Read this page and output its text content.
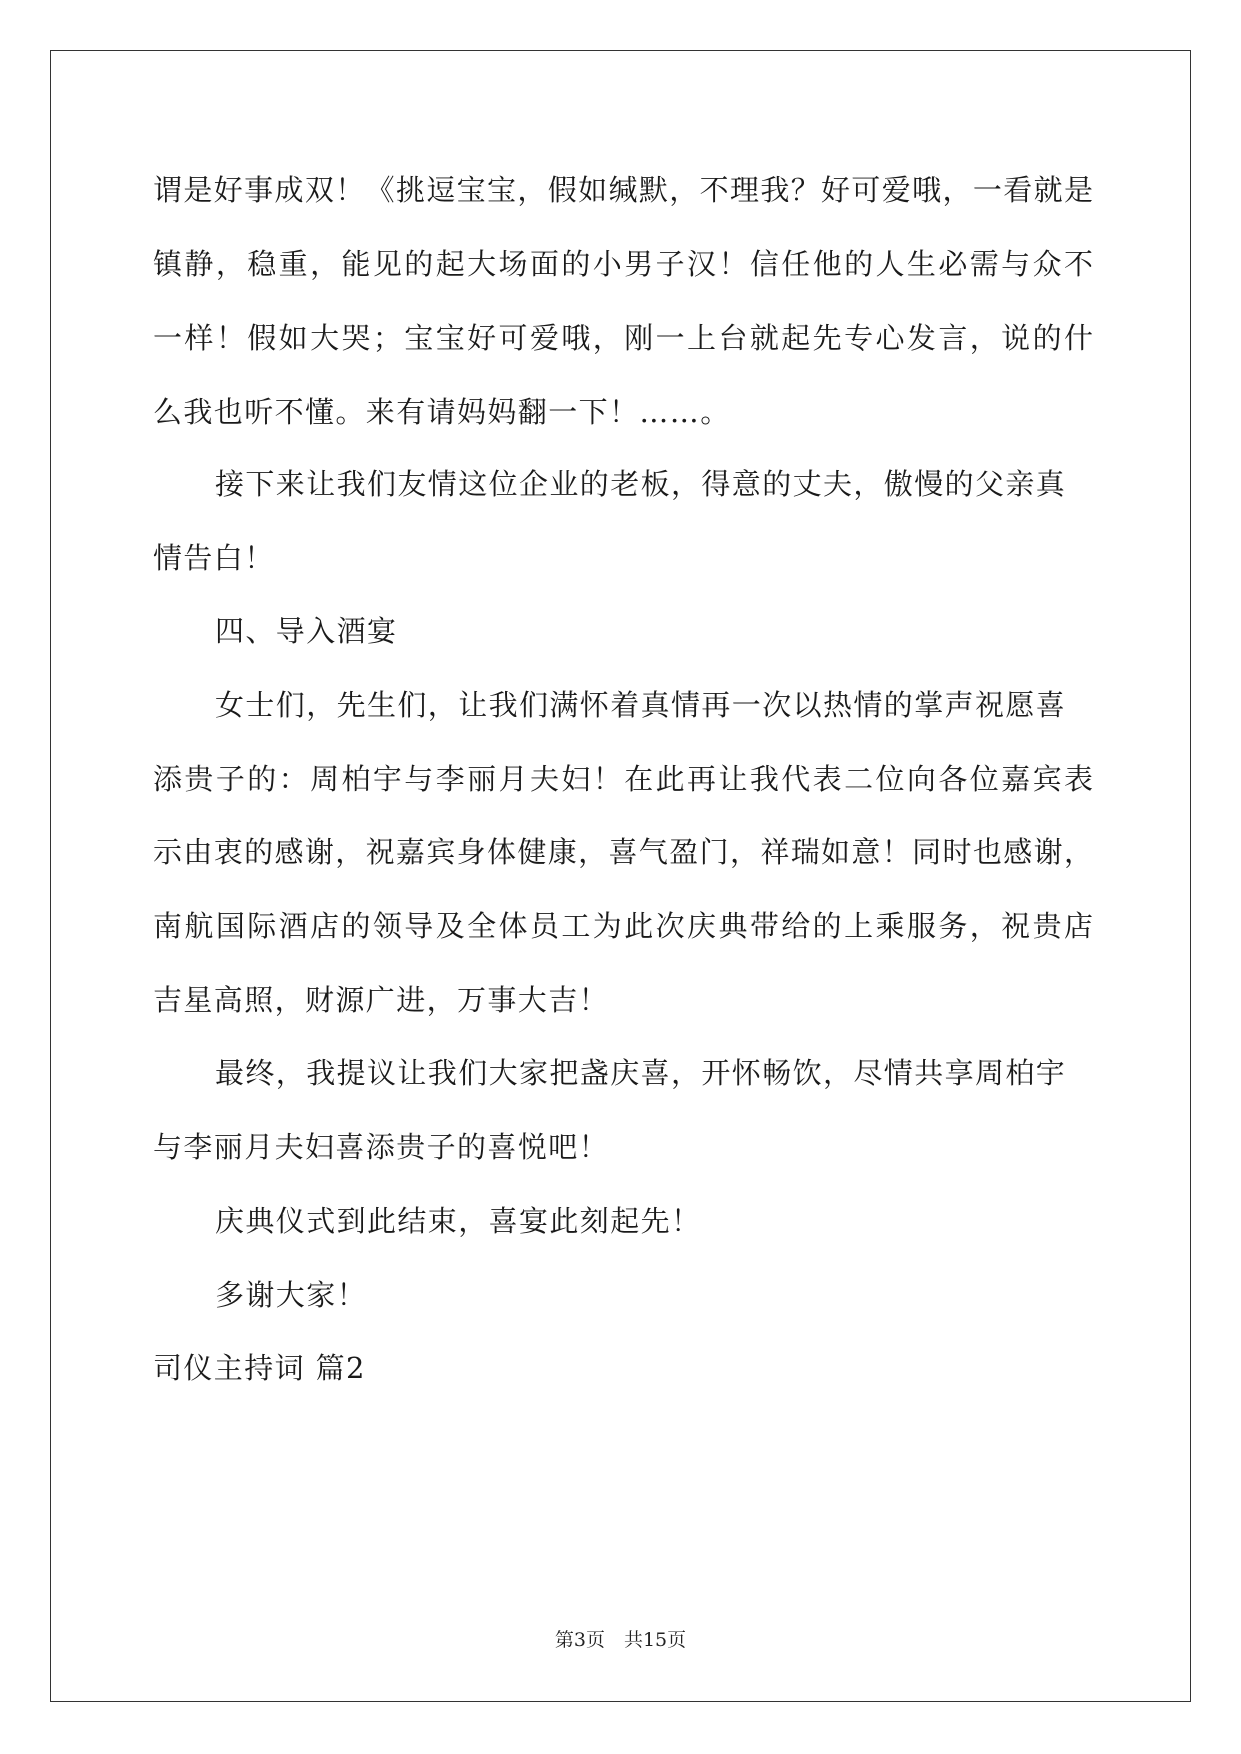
谓是好事成双！《挑逗宝宝，假如缄默，不理我？好可爱哦，一看就是
镇静，稳重，能见的起大场面的小男子汉！信任他的人生必需与众不
一样！假如大哭；宝宝好可爱哦，刚一上台就起先专心发言，说的什
么我也听不懂。来有请妈妈翻一下！……。
接下来让我们友情这位企业的老板，得意的丈夫，傲慢的父亲真
情告白！
四、导入酒宴
女士们，先生们，让我们满怀着真情再一次以热情的掌声祝愿喜
添贵子的：周柏宇与李丽月夫妇！在此再让我代表二位向各位嘉宾表
示由衷的感谢，祝嘉宾身体健康，喜气盈门，祥瑞如意！同时也感谢，
南航国际酒店的领导及全体员工为此次庆典带给的上乘服务，祝贵店
吉星高照，财源广进，万事大吉！
最终，我提议让我们大家把盏庆喜，开怀畅饮，尽情共享周柏宇
与李丽月夫妇喜添贵子的喜悦吧！
庆典仪式到此结束，喜宴此刻起先！
多谢大家！
司仪主持词 篇2
第3页　共15页
